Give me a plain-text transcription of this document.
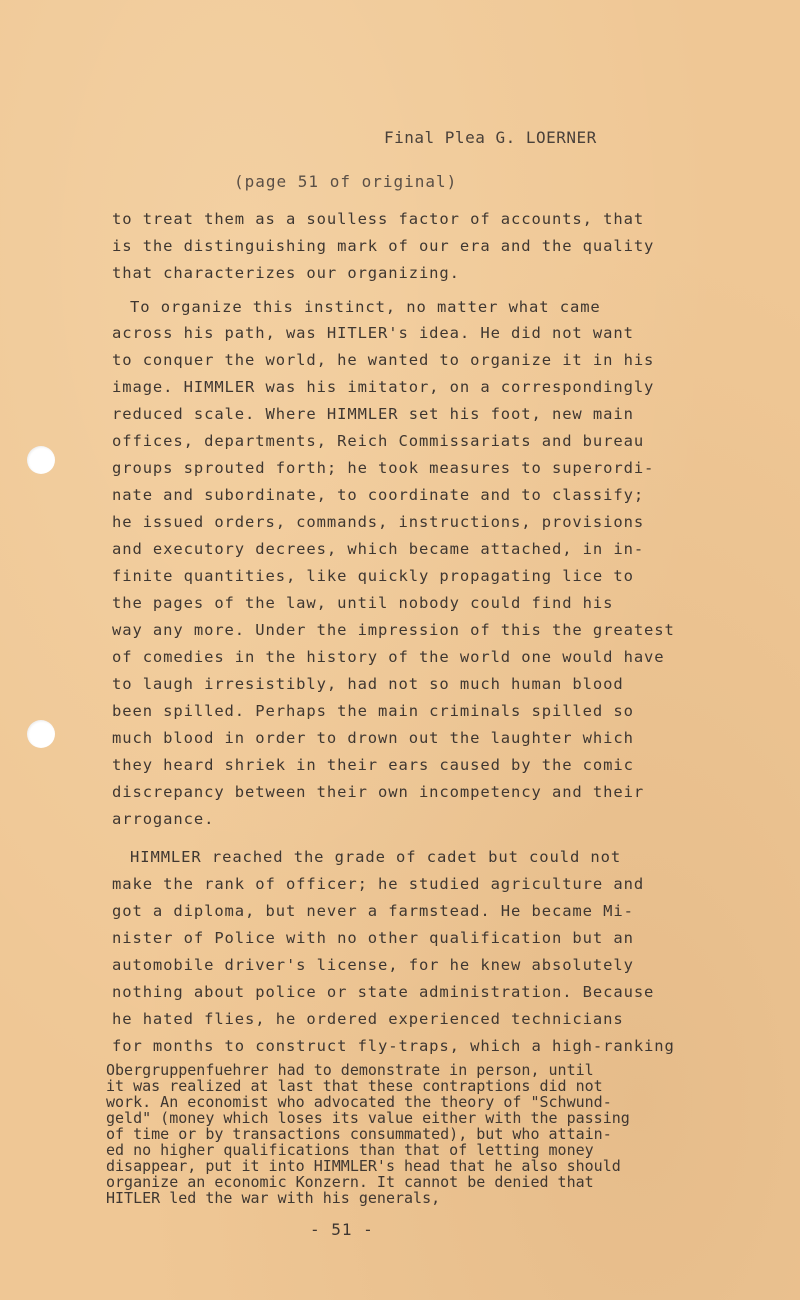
Final Plea G. LOERNER
(page 51 of original)
to treat them as a soulless factor of accounts, that
is the distinguishing mark of our era and the quality
that characterizes our organizing.
To organize this instinct, no matter what came
across his path, was HITLER's idea. He did not want
to conquer the world, he wanted to organize it in his
image. HIMMLER was his imitator, on a correspondingly
reduced scale. Where HIMMLER set his foot, new main
offices, departments, Reich Commissariats and bureau
groups sprouted forth; he took measures to superordi-
nate and subordinate, to coordinate and to classify;
he issued orders, commands, instructions, provisions
and executory decrees, which became attached, in in-
finite quantities, like quickly propagating lice to
the pages of the law, until nobody could find his
way any more. Under the impression of this the greatest
of comedies in the history of the world one would have
to laugh irresistibly, had not so much human blood
been spilled. Perhaps the main criminals spilled so
much blood in order to drown out the laughter which
they heard shriek in their ears caused by the comic
discrepancy between their own incompetency and their
arrogance.
HIMMLER reached the grade of cadet but could not
make the rank of officer; he studied agriculture and
got a diploma, but never a farmstead. He became Mi-
nister of Police with no other qualification but an
automobile driver's license, for he knew absolutely
nothing about police or state administration. Because
he hated flies, he ordered experienced technicians
for months to construct fly-traps, which a high-ranking
Obergruppenfuehrer had to demonstrate in person, until
it was realized at last that these contraptions did not
work. An economist who advocated the theory of "Schwund-
geld" (money which loses its value either with the passing
of time or by transactions consummated), but who attain-
ed no higher qualifications than that of letting money
disappear, put it into HIMMLER's head that he also should
organize an economic Konzern. It cannot be denied that
HITLER led the war with his generals,
- 51 -
